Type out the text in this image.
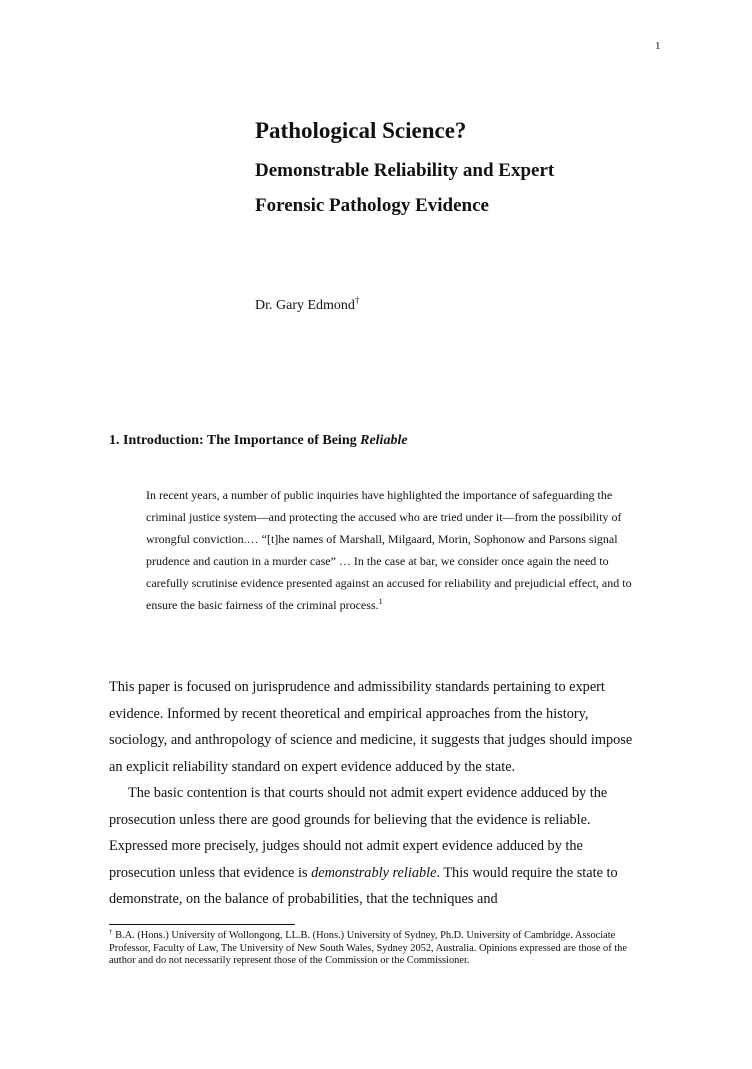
1
Pathological Science?
Demonstrable Reliability and Expert
Forensic Pathology Evidence
Dr. Gary Edmond†
1. Introduction: The Importance of Being Reliable
In recent years, a number of public inquiries have highlighted the importance of safeguarding the criminal justice system—and protecting the accused who are tried under it—from the possibility of wrongful conviction.… “[t]he names of Marshall, Milgaard, Morin, Sophonow and Parsons signal prudence and caution in a murder case” … In the case at bar, we consider once again the need to carefully scrutinise evidence presented against an accused for reliability and prejudicial effect, and to ensure the basic fairness of the criminal process.$^1$

This paper is focused on jurisprudence and admissibility standards pertaining to expert evidence. Informed by recent theoretical and empirical approaches from the history, sociology, and anthropology of science and medicine, it suggests that judges should impose an explicit reliability standard on expert evidence adduced by the state.

The basic contention is that courts should not admit expert evidence adduced by the prosecution unless there are good grounds for believing that the evidence is reliable. Expressed more precisely, judges should not admit expert evidence adduced by the prosecution unless that evidence is demonstrably reliable. This would require the state to demonstrate, on the balance of probabilities, that the techniques and

† B.A. (Hons.) University of Wollongong, LL.B. (Hons.) University of Sydney, Ph.D. University of Cambridge. Associate Professor, Faculty of Law, The University of New South Wales, Sydney 2052, Australia. Opinions expressed are those of the author and do not necessarily represent those of the Commission or the Commissioner.
